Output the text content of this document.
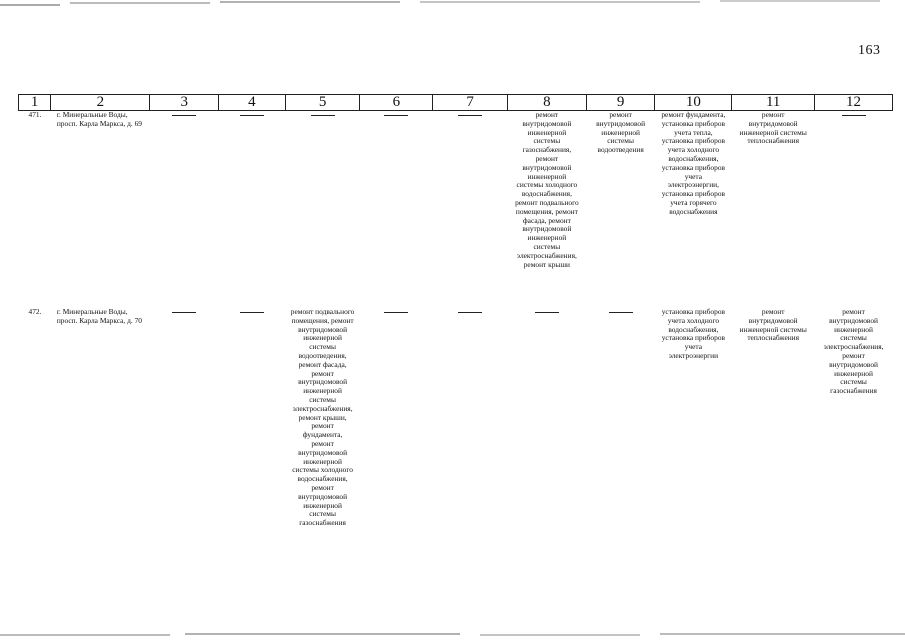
163
1	2	3	4	5	6	7	8	9	10	11	12
471.	г. Минеральные Воды, просп. Карла Маркса, д. 69						ремонт внутридомовой инженерной системы газоснабжения, ремонт внутридомовой инженерной системы холодного водоснабжения, ремонт подвального помещения, ремонт фасада, ремонт внутридомовой инженерной системы электроснабжения, ремонт крыши	ремонт внутридомовой инженерной системы водоотведения	ремонт фундамента, установка приборов учета тепла, установка приборов учета холодного водоснабжения, установка приборов учета электроэнергии, установка приборов учета горячего водоснабжения	ремонт внутридомовой инженерной системы теплоснабжения

472.	г. Минеральные Воды, просп. Карла Маркса, д. 70			ремонт подвального помещения, ремонт внутридомовой инженерной системы водоотведения, ремонт фасада, ремонт внутридомовой инженерной системы электроснабжения, ремонт крыши, ремонт фундамента, ремонт внутридомовой инженерной системы холодного водоснабжения, ремонт внутридомовой инженерной системы газоснабжения					установка приборов учета холодного водоснабжения, установка приборов учета электроэнергии	ремонт внутридомовой инженерной системы теплоснабжения	ремонт внутридомовой инженерной системы электроснабжения, ремонт внутридомовой инженерной системы газоснабжения
